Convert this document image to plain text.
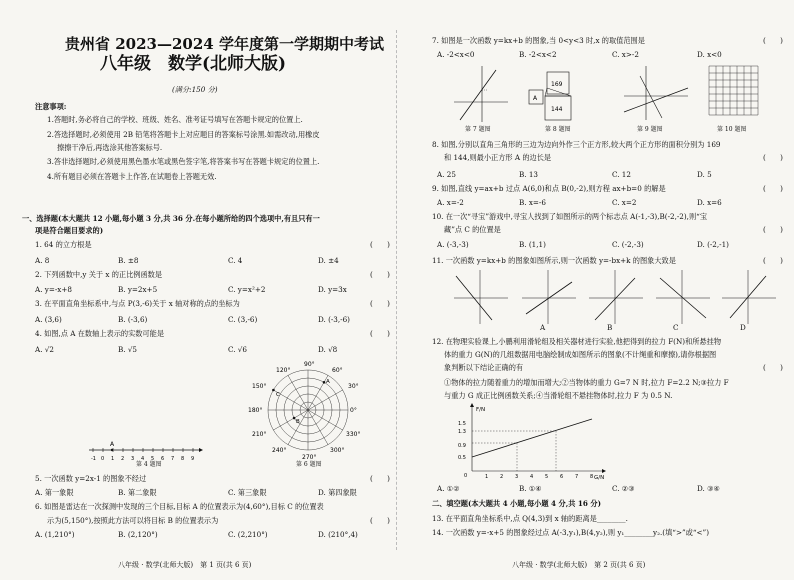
贵州省 2023—2024 学年度第一学期期中考试
八年级　数学(北师大版)
(满分:150 分)
注意事项:
1.答题时,务必将自己的学校、班级、姓名、准考证号填写在答题卡规定的位置上.
2.答选择题时,必须使用 2B 铅笔将答题卡上对应题目的答案标号涂黑.如需改动,用橡皮
擦擦干净后,再选涂其他答案标号.
3.答非选择题时,必须使用黑色墨水笔或黑色签字笔,将答案书写在答题卡规定的位置上.
4.所有题目必须在答题卡上作答,在试题卷上答题无效.
一、选择题(本大题共 12 小题,每小题 3 分,共 36 分.在每小题所给的四个选项中,有且只有一
项是符合题目要求的)
1. 64 的立方根是	(　　)
A. 8	B. ±8	C. 4	D. ±4
2. 下列函数中,y 关于 x 的正比例函数是	(　　)
A. y=-x+8	B. y=2x+5	C. y=x²+2	D. y=3x
3. 在平面直角坐标系中,与点 P(3,-6)关于 x 轴对称的点的坐标为	(　　)
A. (3,6)	B. (-3,6)	C. (3,-6)	D. (-3,-6)
4. 如图,点 A 在数轴上表示的实数可能是	(　　)
A. √2	B. √5	C. √6	D. √8
-1 0 1 2 3 4 5 6 7 8 9
A
第 4 题图
A
B
C
90°
120°	60°
150°	30°
180°	0°
210°	330°
240°	300°
270°
第 6 题图
5. 一次函数 y=2x-1 的图象不经过	(　　)
A. 第一象限	B. 第二象限	C. 第三象限	D. 第四象限
6. 如图是雷达在一次探测中发现的三个目标,目标 A 的位置表示为(4,60°),目标 C 的位置表
示为(5,150°),按照此方法可以将目标 B 的位置表示为	(　　)
A. (1,210°)	B. (2,120°)	C. (2,210°)	D. (210°,4)
八年级 · 数学(北师大版)　第 1 页(共 6 页)
7. 如图是一次函数 y=kx+b 的图象,当 0<y<3 时,x 的取值范围是	(　　)
A. -2<x<0	B. -2<x<2	C. x>-2	D. x<0
169
144
A
第 7 题图	第 8 题图	第 9 题图	第 10 题图
8. 如图,分别以直角三角形的三边为边向外作三个正方形,较大两个正方形的面积分别为 169
和 144,则最小正方形 A 的边长是	(　　)
A. 25	B. 13	C. 12	D. 5
9. 如图,直线 y=ax+b 过点 A(6,0)和点 B(0,-2),则方程 ax+b=0 的解是	(　　)
A. x=-2	B. x=-6	C. x=2	D. x=6
10. 在一次“寻宝”游戏中,寻宝人找到了如图所示的两个标志点 A(-1,-3),B(-2,-2),则“宝
藏”点 C 的位置是	(　　)
A. (-3,-3)	B. (1,1)	C. (-2,-3)	D. (-2,-1)
11. 一次函数 y=kx+b 的图象如图所示,则一次函数 y=-bx+k 的图象大致是	(　　)
A	B	C	D
12. 在物理实验课上,小鹏利用滑轮组及相关器材进行实验,他把得到的拉力 F(N)和所悬挂物
体的重力 G(N)的几组数据用电脑绘制成如图所示的图象(不计绳重和摩擦),请你根据图
象判断以下结论正确的有	(　　)
①物体的拉力随着重力的增加而增大;②当物体的重力 G=7 N 时,拉力 F=2.2 N;③拉力 F
与重力 G 成正比例函数关系;④当滑轮组不悬挂物体时,拉力 F 为 0.5 N.
F/N
G/N
1.5
1.3
0.9
0.5
0	1 2 3 4 5 6 7 8
A. ①②	B. ①④	C. ②③	D. ③④
二、填空题(本大题共 4 小题,每小题 4 分,共 16 分)
13. 在平面直角坐标系中,点 Q(4,3)到 x 轴的距离是________.
14. 一次函数 y=-x+5 的图象经过点 A(-3,y₁),B(4,y₂),则 y₁________y₂.(填“>”或“<”)
八年级 · 数学(北师大版)　第 2 页(共 6 页)
